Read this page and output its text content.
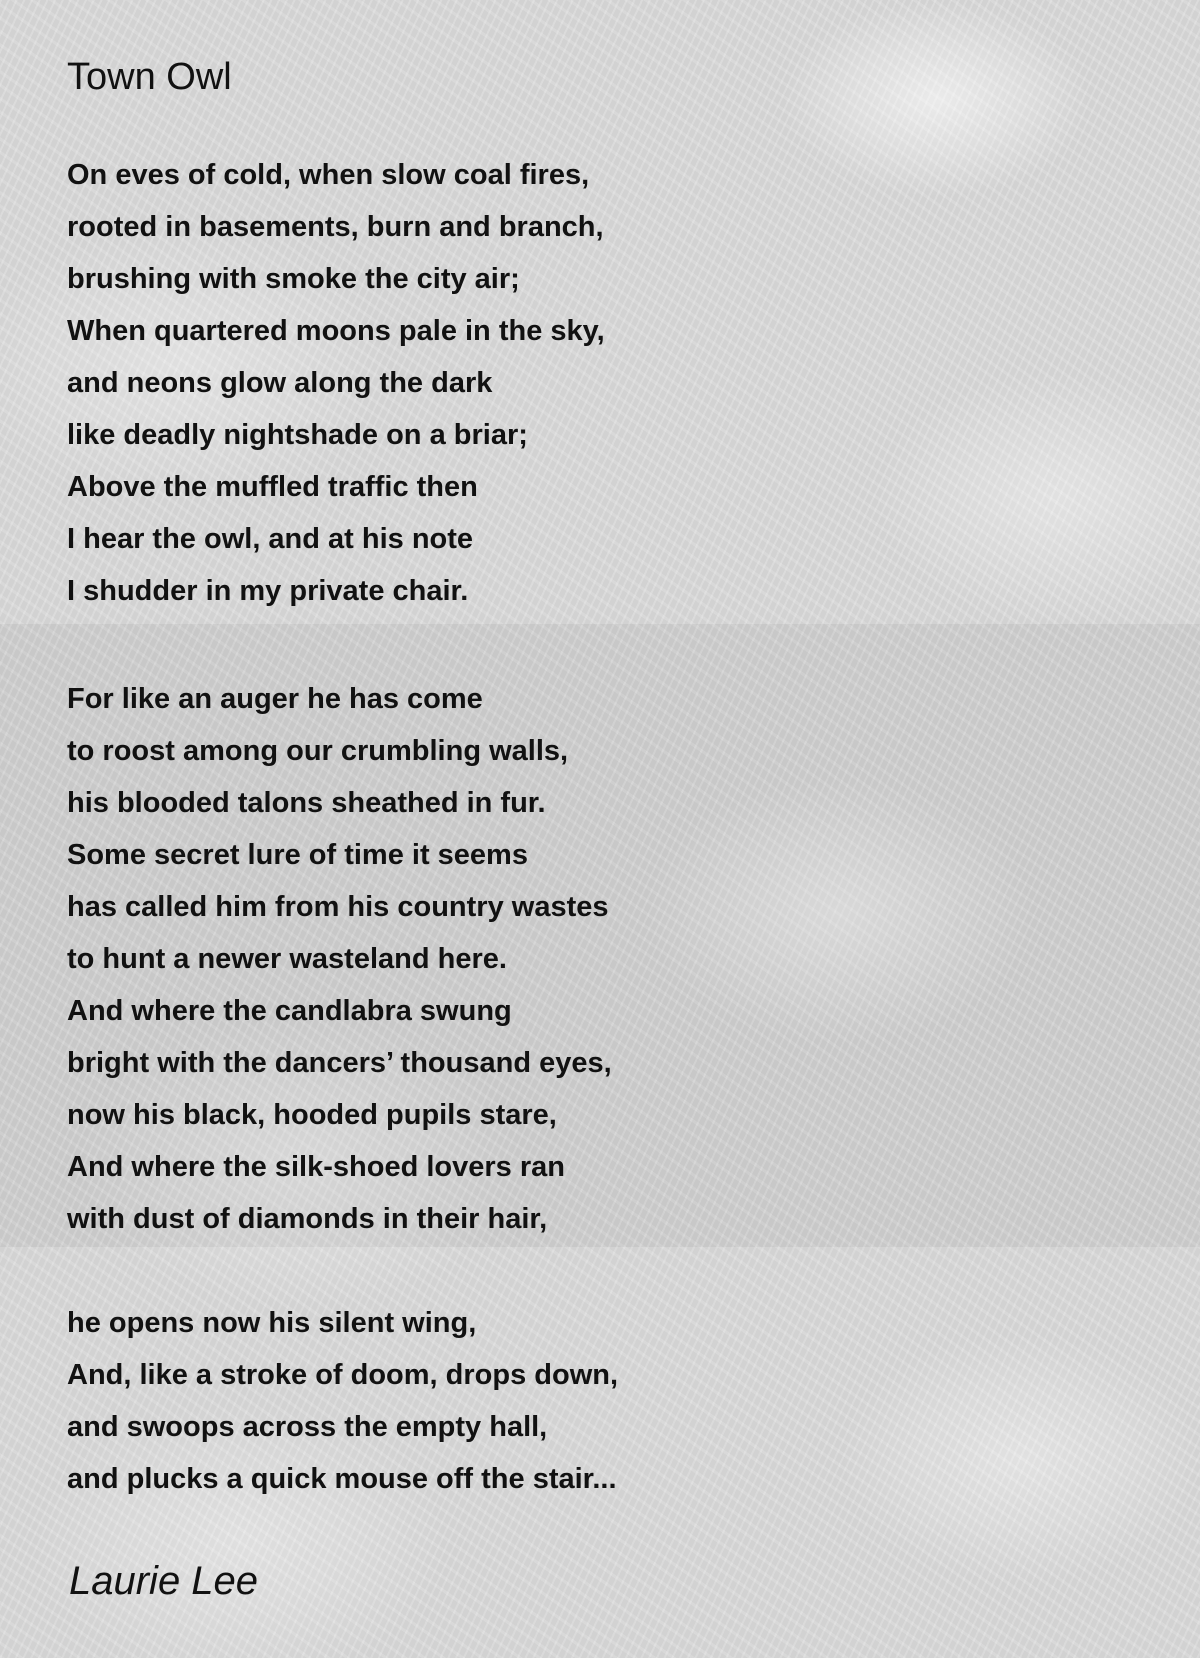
Town Owl
On eves of cold, when slow coal fires,
rooted in basements, burn and branch,
brushing with smoke the city air;
When quartered moons pale in the sky,
and neons glow along the dark
like deadly nightshade on a briar;
Above the muffled traffic then
I hear the owl, and at his note
I shudder in my private chair.
For like an auger he has come
to roost among our crumbling walls,
his blooded talons sheathed in fur.
Some secret lure of time it seems
has called him from his country wastes
to hunt a newer wasteland here.
And where the candlabra swung
bright with the dancers’ thousand eyes,
now his black, hooded pupils stare,
And where the silk-shoed lovers ran
with dust of diamonds in their hair,
he opens now his silent wing,
And, like a stroke of doom, drops down,
and swoops across the empty hall,
and plucks a quick mouse off the stair...
Laurie Lee
